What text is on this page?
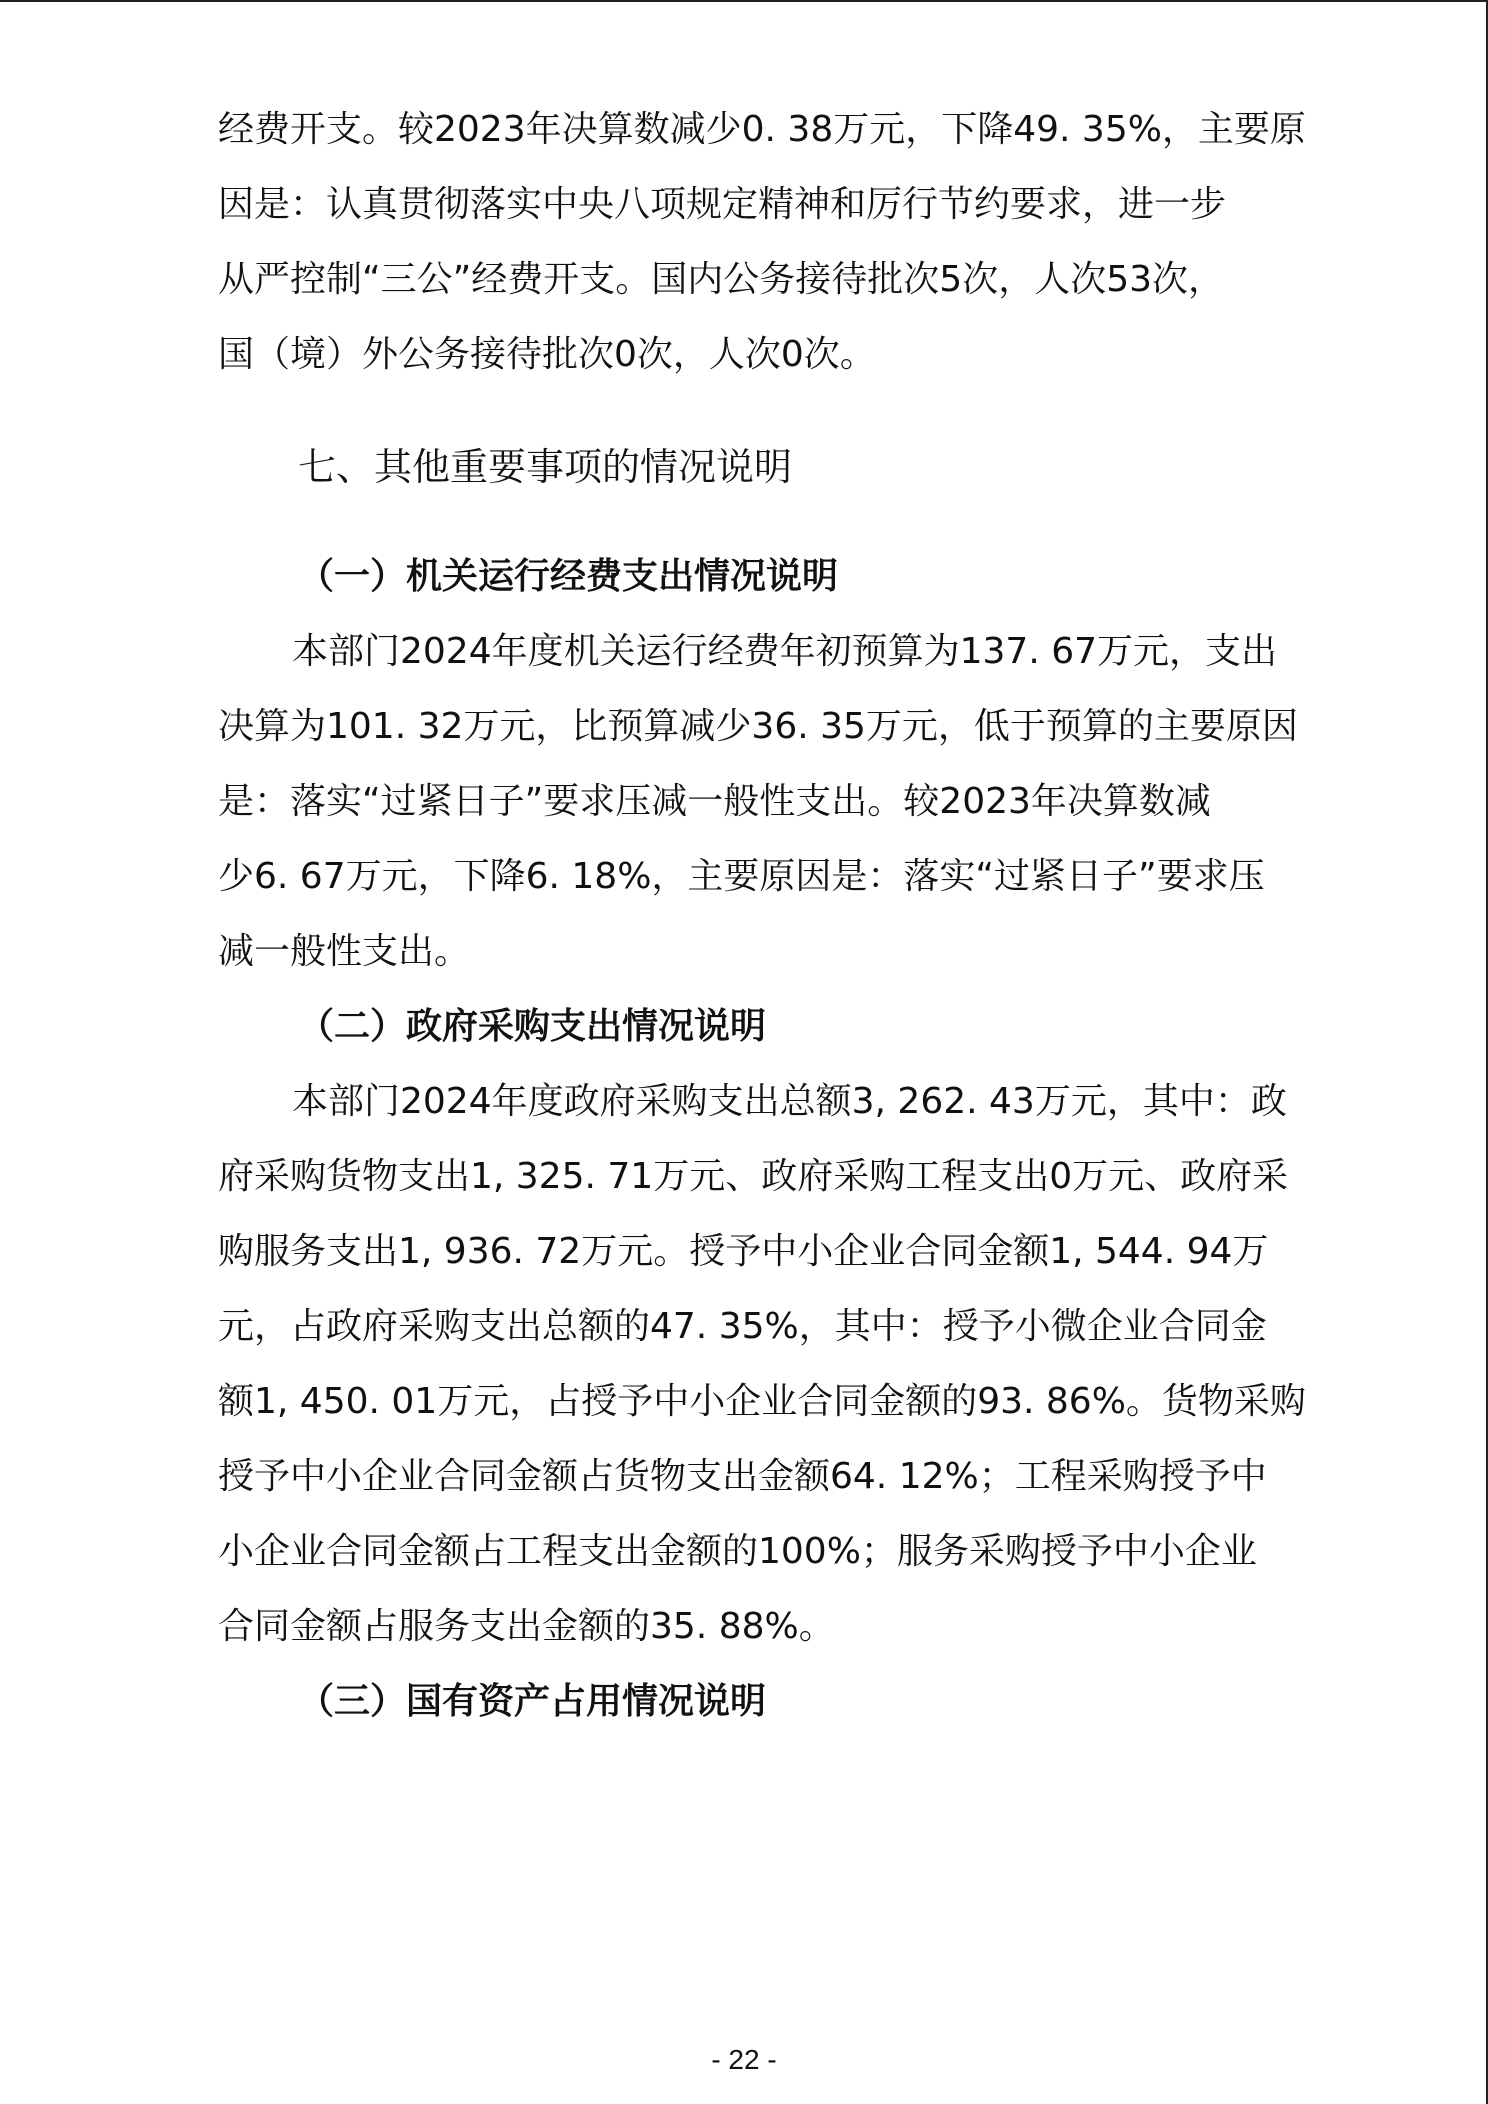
经费开支。较2023年决算数减少0. 38万元，下降49. 35%，主要原
因是：认真贯彻落实中央八项规定精神和厉行节约要求，进一步
从严控制“三公”经费开支。国内公务接待批次5次，人次53次，
国（境）外公务接待批次0次，人次0次。
七、其他重要事项的情况说明
（一）机关运行经费支出情况说明
本部门2024年度机关运行经费年初预算为137. 67万元，支出
决算为101. 32万元，比预算减少36. 35万元，低于预算的主要原因
是：落实“过紧日子”要求压减一般性支出。较2023年决算数减
少6. 67万元，下降6. 18%，主要原因是：落实“过紧日子”要求压
减一般性支出。
（二）政府采购支出情况说明
本部门2024年度政府采购支出总额3, 262. 43万元，其中：政
府采购货物支出1, 325. 71万元、政府采购工程支出0万元、政府采
购服务支出1, 936. 72万元。授予中小企业合同金额1, 544. 94万
元，占政府采购支出总额的47. 35%，其中：授予小微企业合同金
额1, 450. 01万元，占授予中小企业合同金额的93. 86%。货物采购
授予中小企业合同金额占货物支出金额64. 12%；工程采购授予中
小企业合同金额占工程支出金额的100%；服务采购授予中小企业
合同金额占服务支出金额的35. 88%。
（三）国有资产占用情况说明
- 22 -
